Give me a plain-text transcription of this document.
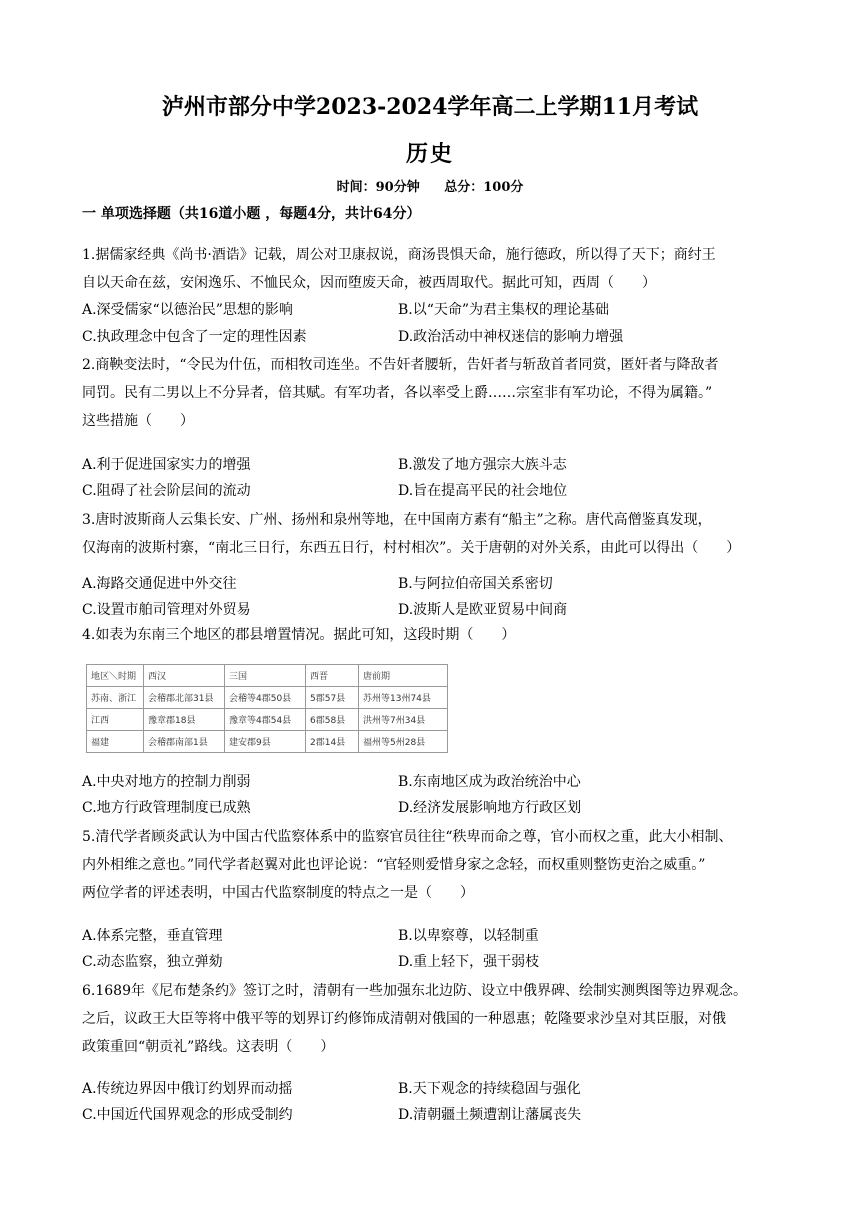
泸州市部分中学2023-2024学年高二上学期11月考试
历史
时间：90分钟 总分：100分
一 单项选择题（共16道小题 ，每题4分，共计64分）
1.据儒家经典《尚书·酒诰》记载，周公对卫康叔说，商汤畏惧天命，施行德政，所以得了天下；商纣王
自以天命在兹，安闲逸乐、不恤民众，因而堕废天命，被西周取代。据此可知，西周（　　）
A.深受儒家“以德治民”思想的影响	B.以“天命”为君主集权的理论基础
C.执政理念中包含了一定的理性因素	D.政治活动中神权迷信的影响力增强
2.商鞅变法时，“令民为什伍，而相牧司连坐。不告奸者腰斩，告奸者与斩敌首者同赏，匿奸者与降敌者
同罚。民有二男以上不分异者，倍其赋。有军功者，各以率受上爵……宗室非有军功论，不得为属籍。”
这些措施（　　）
A.利于促进国家实力的增强	B.激发了地方强宗大族斗志
C.阻碍了社会阶层间的流动	D.旨在提高平民的社会地位
3.唐时波斯商人云集长安、广州、扬州和泉州等地，在中国南方素有“船主”之称。唐代高僧鉴真发现，
仅海南的波斯村寨，“南北三日行，东西五日行，村村相次”。关于唐朝的对外关系，由此可以得出（　　）
A.海路交通促进中外交往	B.与阿拉伯帝国关系密切
C.设置市舶司管理对外贸易	D.波斯人是欧亚贸易中间商
4.如表为东南三个地区的郡县增置情况。据此可知，这段时期（　　）
地区＼时期	西汉	三国	西晋	唐前期
苏南、浙江	会稽郡北部31县	会稽等4郡50县	5郡57县	苏州等13州74县
江西	豫章郡18县	豫章等4郡54县	6郡58县	洪州等7州34县
福建	会稽郡南部1县	建安郡9县	2郡14县	福州等5州28县
A.中央对地方的控制力削弱	B.东南地区成为政治统治中心
C.地方行政管理制度已成熟	D.经济发展影响地方行政区划
5.清代学者顾炎武认为中国古代监察体系中的监察官员往往“秩卑而命之尊，官小而权之重，此大小相制、
内外相维之意也。”同代学者赵翼对此也评论说：“官轻则爱惜身家之念轻，而权重则整饬吏治之威重。”
两位学者的评述表明，中国古代监察制度的特点之一是（　　）
A.体系完整，垂直管理	B.以卑察尊，以轻制重
C.动态监察，独立弹劾	D.重上轻下，强干弱枝
6.1689年《尼布楚条约》签订之时，清朝有一些加强东北边防、设立中俄界碑、绘制实测舆图等边界观念。
之后，议政王大臣等将中俄平等的划界订约修饰成清朝对俄国的一种恩惠；乾隆要求沙皇对其臣服，对俄
政策重回“朝贡礼”路线。这表明（　　）
A.传统边界因中俄订约划界而动摇	B.天下观念的持续稳固与强化
C.中国近代国界观念的形成受制约	D.清朝疆土频遭割让藩属丧失
